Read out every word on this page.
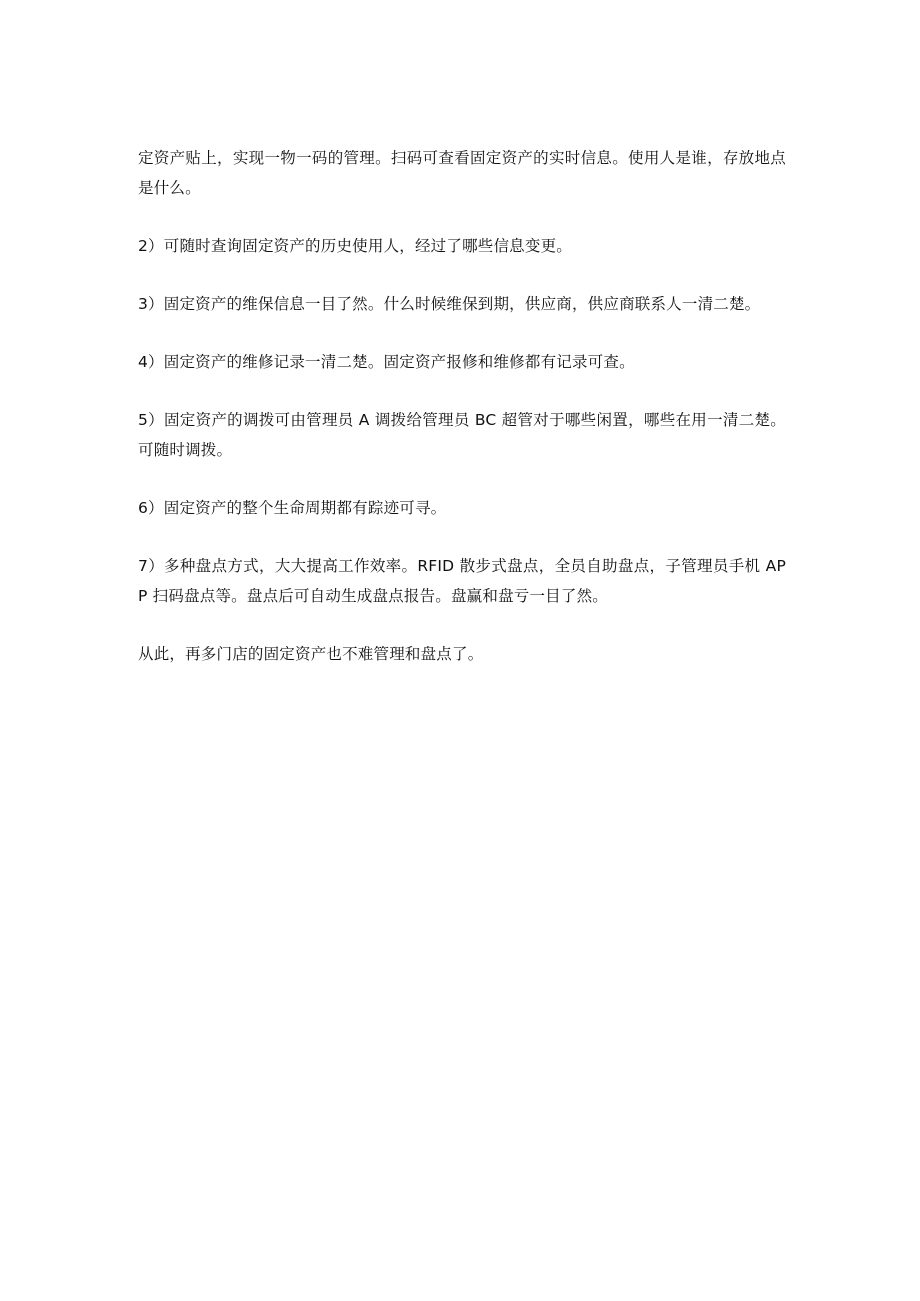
定资产贴上，实现一物一码的管理。扫码可查看固定资产的实时信息。使用人是谁，存放地点是什么。

2）可随时查询固定资产的历史使用人，经过了哪些信息变更。

3）固定资产的维保信息一目了然。什么时候维保到期，供应商，供应商联系人一清二楚。

4）固定资产的维修记录一清二楚。固定资产报修和维修都有记录可查。

5）固定资产的调拨可由管理员 A 调拨给管理员 BC 超管对于哪些闲置，哪些在用一清二楚。可随时调拨。

6）固定资产的整个生命周期都有踪迹可寻。

7）多种盘点方式，大大提高工作效率。RFID 散步式盘点，全员自助盘点，子管理员手机 APP 扫码盘点等。盘点后可自动生成盘点报告。盘赢和盘亏一目了然。

从此，再多门店的固定资产也不难管理和盘点了。
